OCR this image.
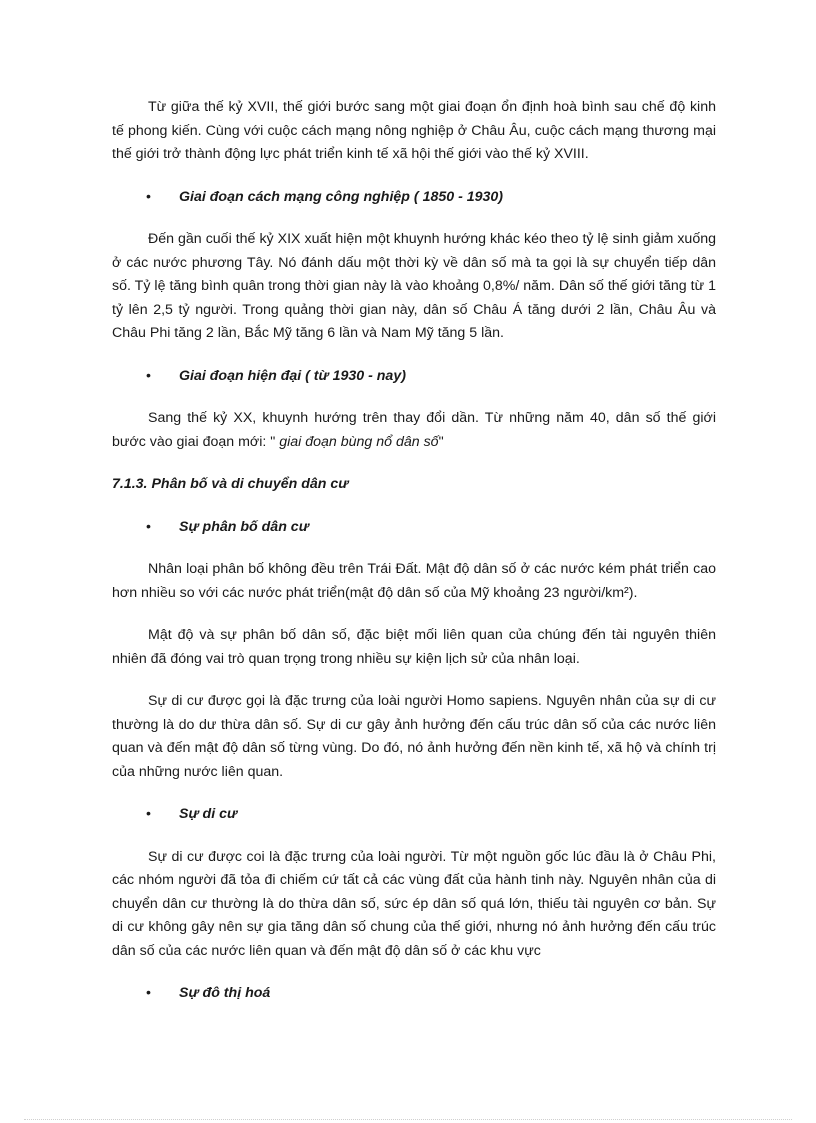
Từ giữa thế kỷ XVII, thế giới bước sang một giai đoạn ổn định hoà bình sau chế độ kinh tế phong kiến. Cùng với cuộc cách mạng nông nghiệp ở Châu Âu, cuộc cách mạng thương mại thế giới trở thành động lực phát triển kinh tế xã hội thế giới vào thế kỷ XVIII.

• Giai đoạn cách mạng công nghiệp ( 1850 - 1930)

Đến gần cuối thế kỷ XIX xuất hiện một khuynh hướng khác kéo theo tỷ lệ sinh giảm xuống ở các nước phương Tây. Nó đánh dấu một thời kỳ về dân số mà ta gọi là sự chuyển tiếp dân số. Tỷ lệ tăng bình quân trong thời gian này là vào khoảng 0,8%/ năm. Dân số thế giới tăng từ 1 tỷ lên 2,5 tỷ người. Trong quảng thời gian này, dân số Châu Á tăng dưới 2 lần, Châu Âu và Châu Phi tăng 2 lần, Bắc Mỹ tăng 6 lần và Nam Mỹ tăng 5 lần.

• Giai đoạn hiện đại ( từ 1930 - nay)

Sang thế kỷ XX, khuynh hướng trên thay đổi dần. Từ những năm 40, dân số thế giới bước vào giai đoạn mới: " giai đoạn bùng nổ dân số"

7.1.3. Phân bố và di chuyển dân cư
• Sự phân bố dân cư

Nhân loại phân bố không đều trên Trái Đất. Mật độ dân số ở các nước kém phát triển cao hơn nhiều so với các nước phát triển(mật độ dân số của Mỹ khoảng 23 người/km²).

Mật độ và sự phân bố dân số, đặc biệt mối liên quan của chúng đến tài nguyên thiên nhiên đã đóng vai trò quan trọng trong nhiều sự kiện lịch sử của nhân loại.

Sự di cư được gọi là đặc trưng của loài người Homo sapiens. Nguyên nhân của sự di cư thường là do dư thừa dân số. Sự di cư gây ảnh hưởng đến cấu trúc dân số của các nước liên quan và đến mật độ dân số từng vùng. Do đó, nó ảnh hưởng đến nền kinh tế, xã hộ và chính trị của những nước liên quan.

• Sự di cư

Sự di cư được coi là đặc trưng của loài người. Từ một nguồn gốc lúc đầu là ở Châu Phi, các nhóm người đã tỏa đi chiếm cứ tất cả các vùng đất của hành tinh này. Nguyên nhân của di chuyển dân cư thường là do thừa dân số, sức ép dân số quá lớn, thiếu tài nguyên cơ bản. Sự di cư không gây nên sự gia tăng dân số chung của thế giới, nhưng nó ảnh hưởng đến cấu trúc dân số của các nước liên quan và đến mật độ dân số ở các khu vực

• Sự đô thị hoá
